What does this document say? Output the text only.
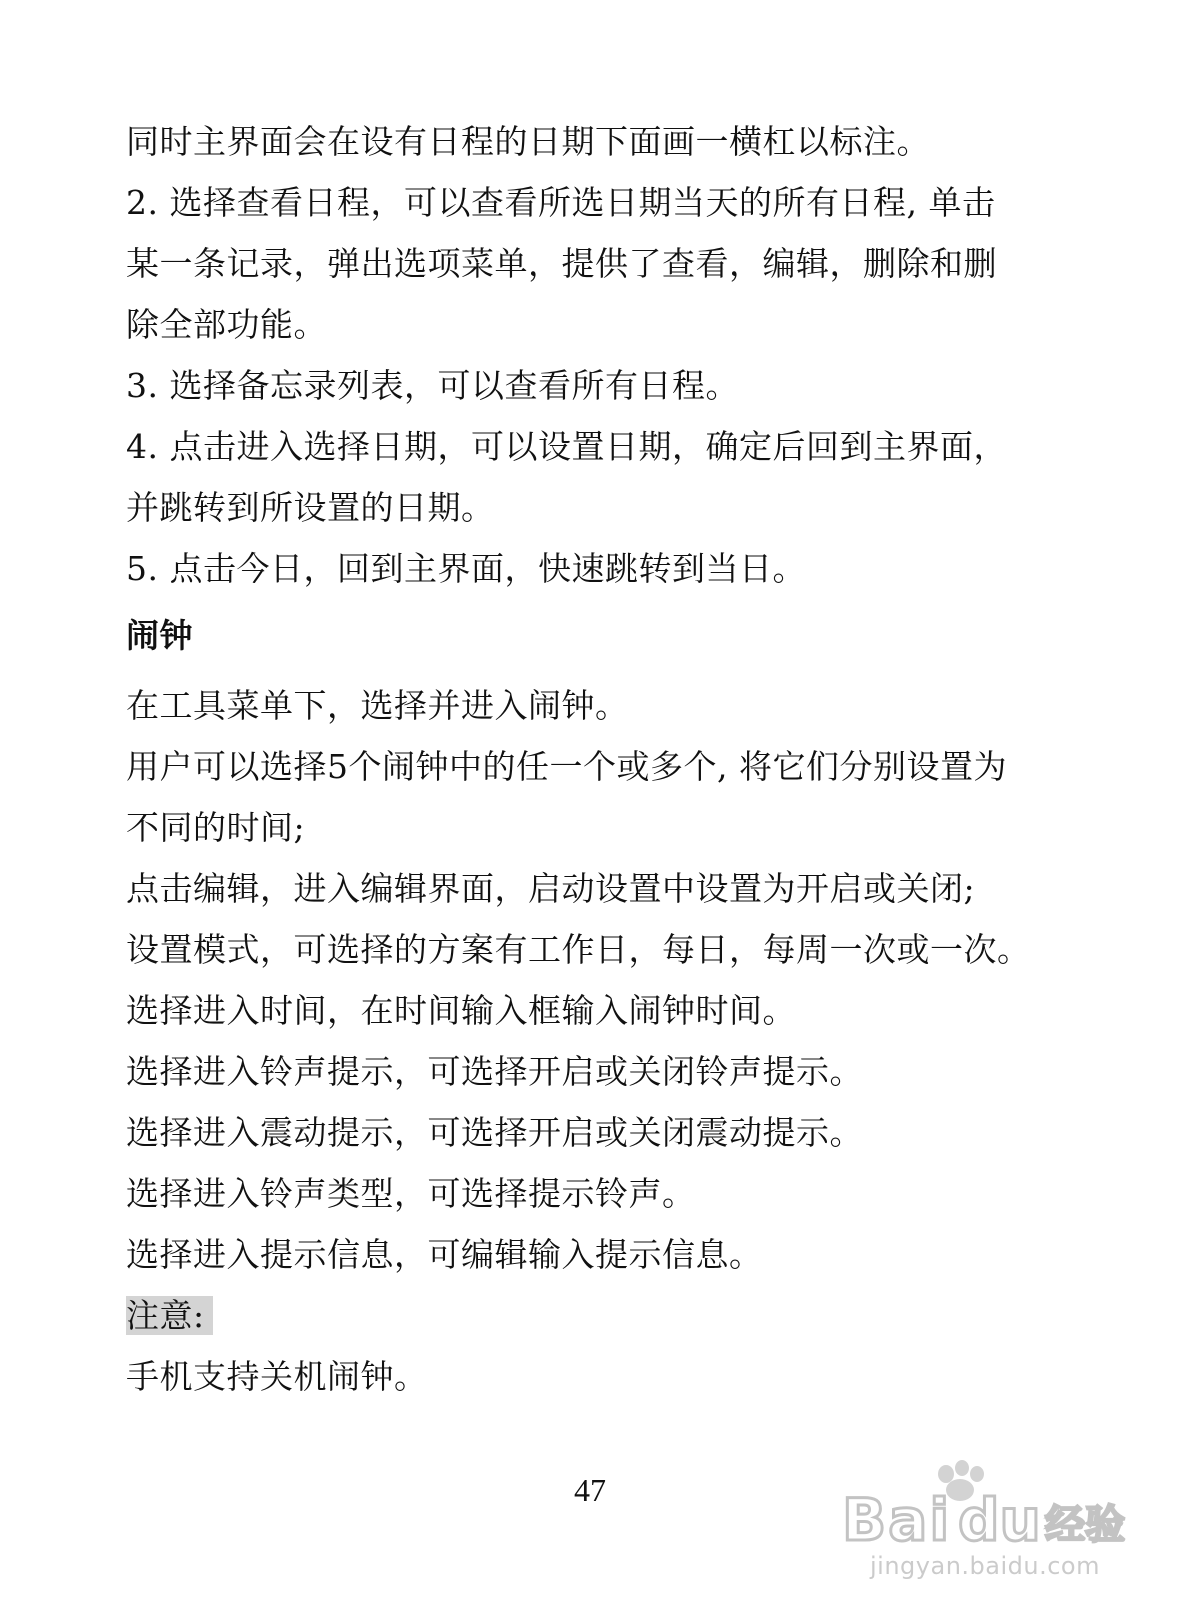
同时主界面会在设有日程的日期下面画一横杠以标注。
2. 选择查看日程，可以查看所选日期当天的所有日程, 单击
某一条记录，弹出选项菜单，提供了查看，编辑，删除和删
除全部功能。
3. 选择备忘录列表，可以查看所有日程。
4. 点击进入选择日期，可以设置日期，确定后回到主界面，
并跳转到所设置的日期。
5. 点击今日，回到主界面，快速跳转到当日。
闹钟
在工具菜单下，选择并进入闹钟。
用户可以选择5个闹钟中的任一个或多个, 将它们分别设置为
不同的时间;
点击编辑，进入编辑界面，启动设置中设置为开启或关闭;
设置模式，可选择的方案有工作日，每日，每周一次或一次。
选择进入时间，在时间输入框输入闹钟时间。
选择进入铃声提示，可选择开启或关闭铃声提示。
选择进入震动提示，可选择开启或关闭震动提示。
选择进入铃声类型，可选择提示铃声。
选择进入提示信息，可编辑输入提示信息。
注意:
手机支持关机闹钟。
47	Bai du 经验
jingyan.baidu.com
